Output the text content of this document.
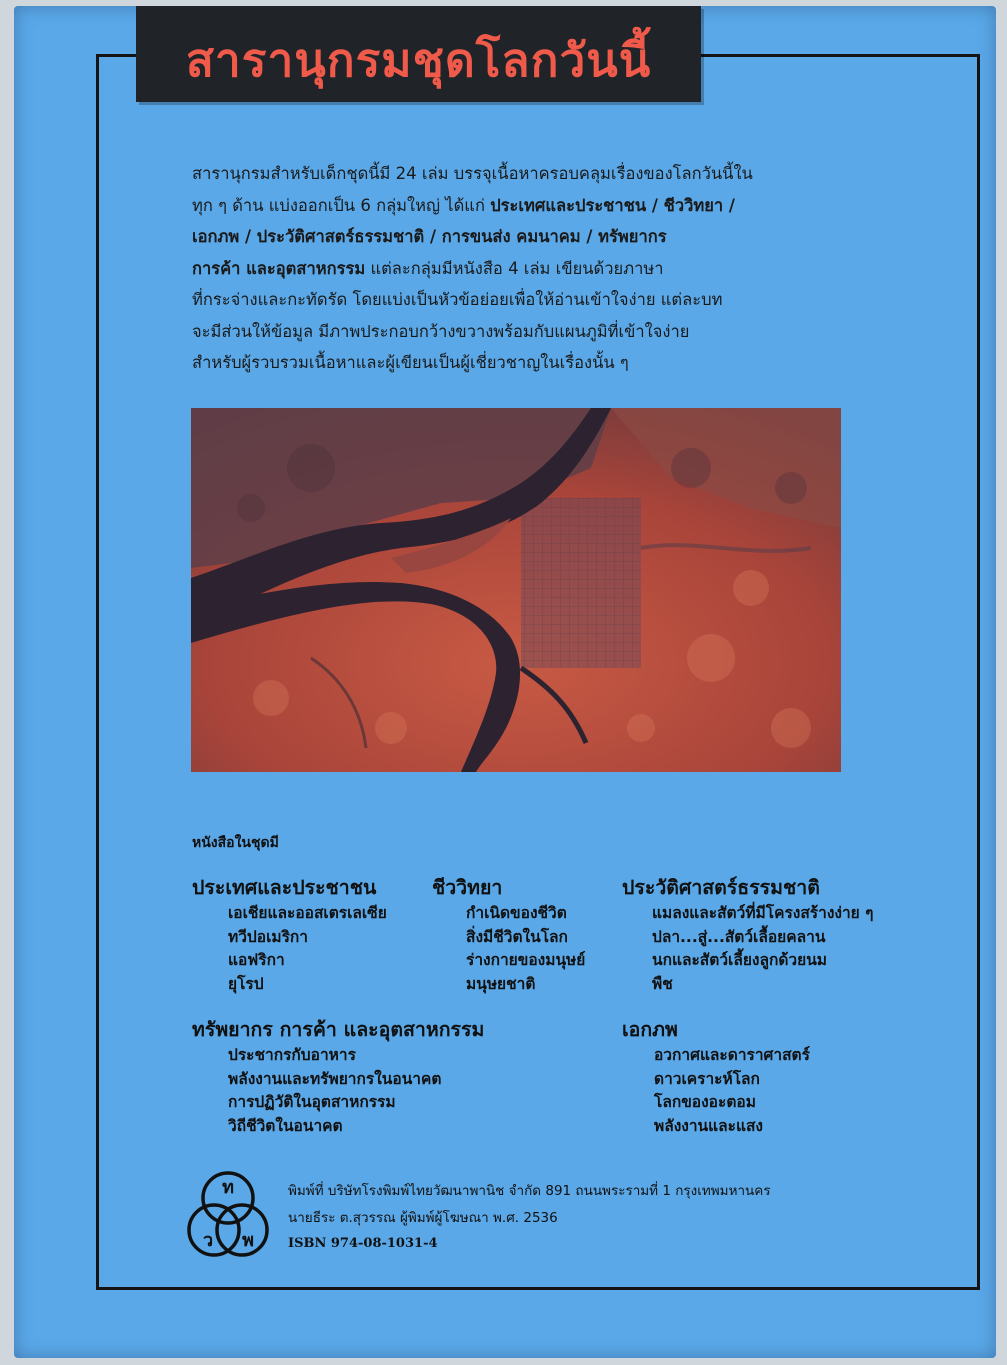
สารานุกรมชุดโลกวันนี้

สารานุกรมสำหรับเด็กชุดนี้มี 24 เล่ม บรรจุเนื้อหาครอบคลุมเรื่องของโลกวันนี้ใน

ทุก ๆ ด้าน แบ่งออกเป็น 6 กลุ่มใหญ่ ได้แก่ ประเทศและประชาชน / ชีววิทยา /

เอกภพ / ประวัติศาสตร์ธรรมชาติ / การขนส่ง คมนาคม / ทรัพยากร

การค้า และอุตสาหกรรม แต่ละกลุ่มมีหนังสือ 4 เล่ม เขียนด้วยภาษา

ที่กระจ่างและกะทัดรัด โดยแบ่งเป็นหัวข้อย่อยเพื่อให้อ่านเข้าใจง่าย แต่ละบท

จะมีส่วนให้ข้อมูล มีภาพประกอบกว้างขวางพร้อมกับแผนภูมิที่เข้าใจง่าย

สำหรับผู้รวบรวมเนื้อหาและผู้เขียนเป็นผู้เชี่ยวชาญในเรื่องนั้น ๆ

หนังสือในชุดมี
ประเทศและประชาชน
เอเชียและออสเตรเลเซีย
ทวีปอเมริกา
แอฟริกา
ยุโรป
ชีววิทยา
กำเนิดของชีวิต
สิ่งมีชีวิตในโลก
ร่างกายของมนุษย์
มนุษยชาติ
ประวัติศาสตร์ธรรมชาติ
แมลงและสัตว์ที่มีโครงสร้างง่าย ๆ
ปลา...สู่...สัตว์เลื้อยคลาน
นกและสัตว์เลี้ยงลูกด้วยนม
พืช
ทรัพยากร การค้า และอุตสาหกรรม
ประชากรกับอาหาร
พลังงานและทรัพยากรในอนาคต
การปฏิวัติในอุตสาหกรรม
วิถีชีวิตในอนาคต
เอกภพ
อวกาศและดาราศาสตร์
ดาวเคราะห์โลก
โลกของอะตอม
พลังงานและแสง
ท
ว พ
พิมพ์ที่ บริษัทโรงพิมพ์ไทยวัฒนาพานิช จำกัด 891 ถนนพระรามที่ 1 กรุงเทพมหานคร
นายธีระ ต.สุวรรณ ผู้พิมพ์ผู้โฆษณา พ.ศ. 2536
ISBN 974-08-1031-4
